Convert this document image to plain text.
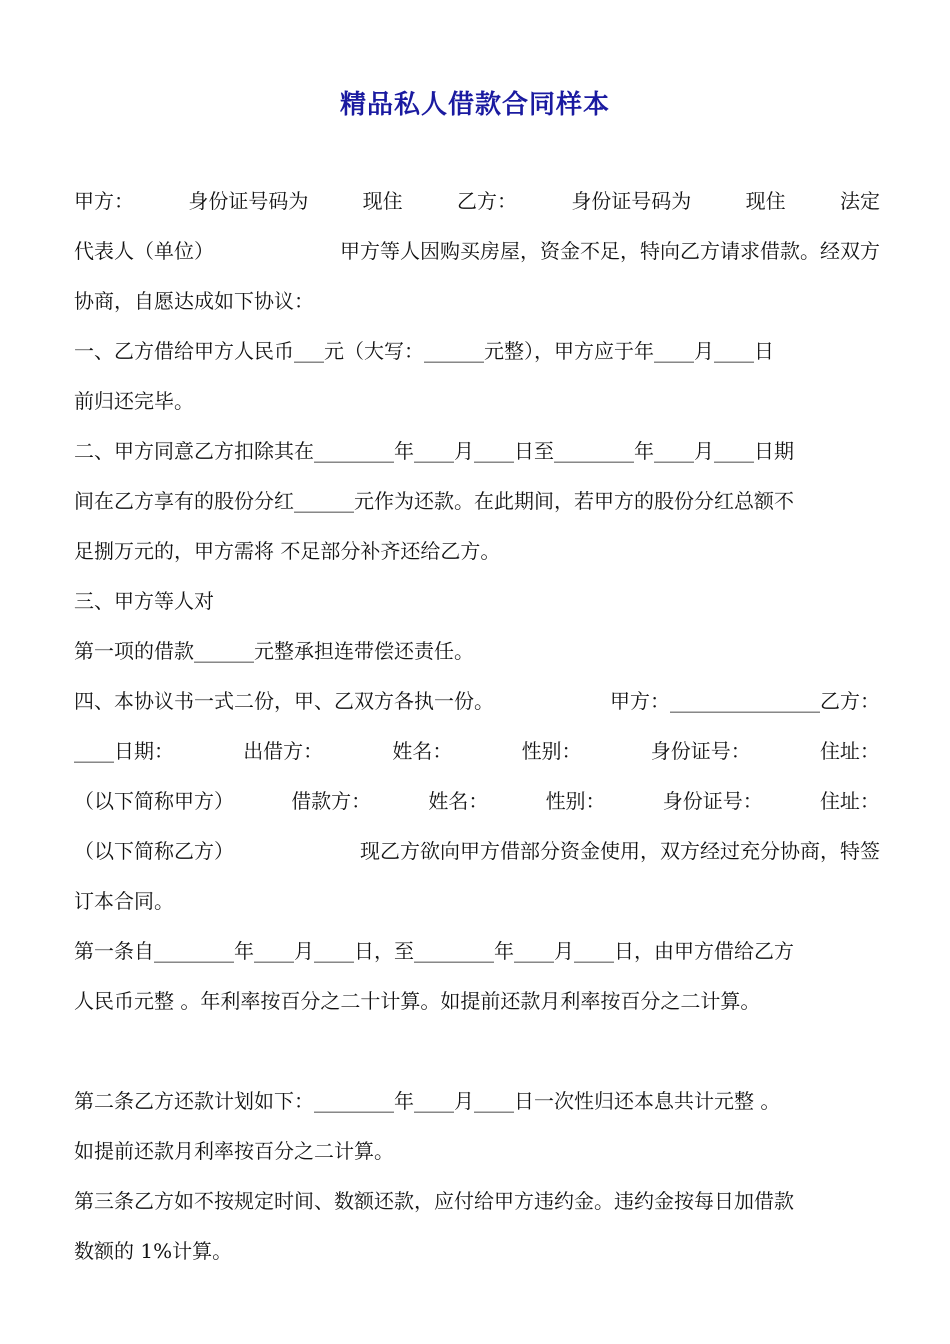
精品私人借款合同样本
甲方：	身份证号码为	现住	乙方：	身份证号码为	现住	法定
代表人（单位）	甲方等人因购买房屋，资金不足，特向乙方请求借款。经双方
协商，自愿达成如下协议：
一、乙方借给甲方人民币___元（大写：______元整），甲方应于年____月____日
前归还完毕。
二、甲方同意乙方扣除其在________年____月____日至________年____月____日期
间在乙方享有的股份分红______元作为还款。在此期间，若甲方的股份分红总额不
足捌万元的，甲方需将 不足部分补齐还给乙方。
三、甲方等人对
第一项的借款______元整承担连带偿还责任。
四、本协议书一式二份，甲、乙双方各执一份。	甲方：_______________乙方：
____日期：	出借方：	姓名：	性别：	身份证号：	住址：
（以下简称甲方）	借款方：	姓名：	性别：	身份证号：	住址：
（以下简称乙方）	现乙方欲向甲方借部分资金使用，双方经过充分协商，特签
订本合同。
第一条自________年____月____日，至________年____月____日，由甲方借给乙方
人民币元整 。年利率按百分之二十计算。如提前还款月利率按百分之二计算。
第二条乙方还款计划如下：________年____月____日一次性归还本息共计元整 。
如提前还款月利率按百分之二计算。
第三条乙方如不按规定时间、数额还款，应付给甲方违约金。违约金按每日加借款
数额的 1%计算。
